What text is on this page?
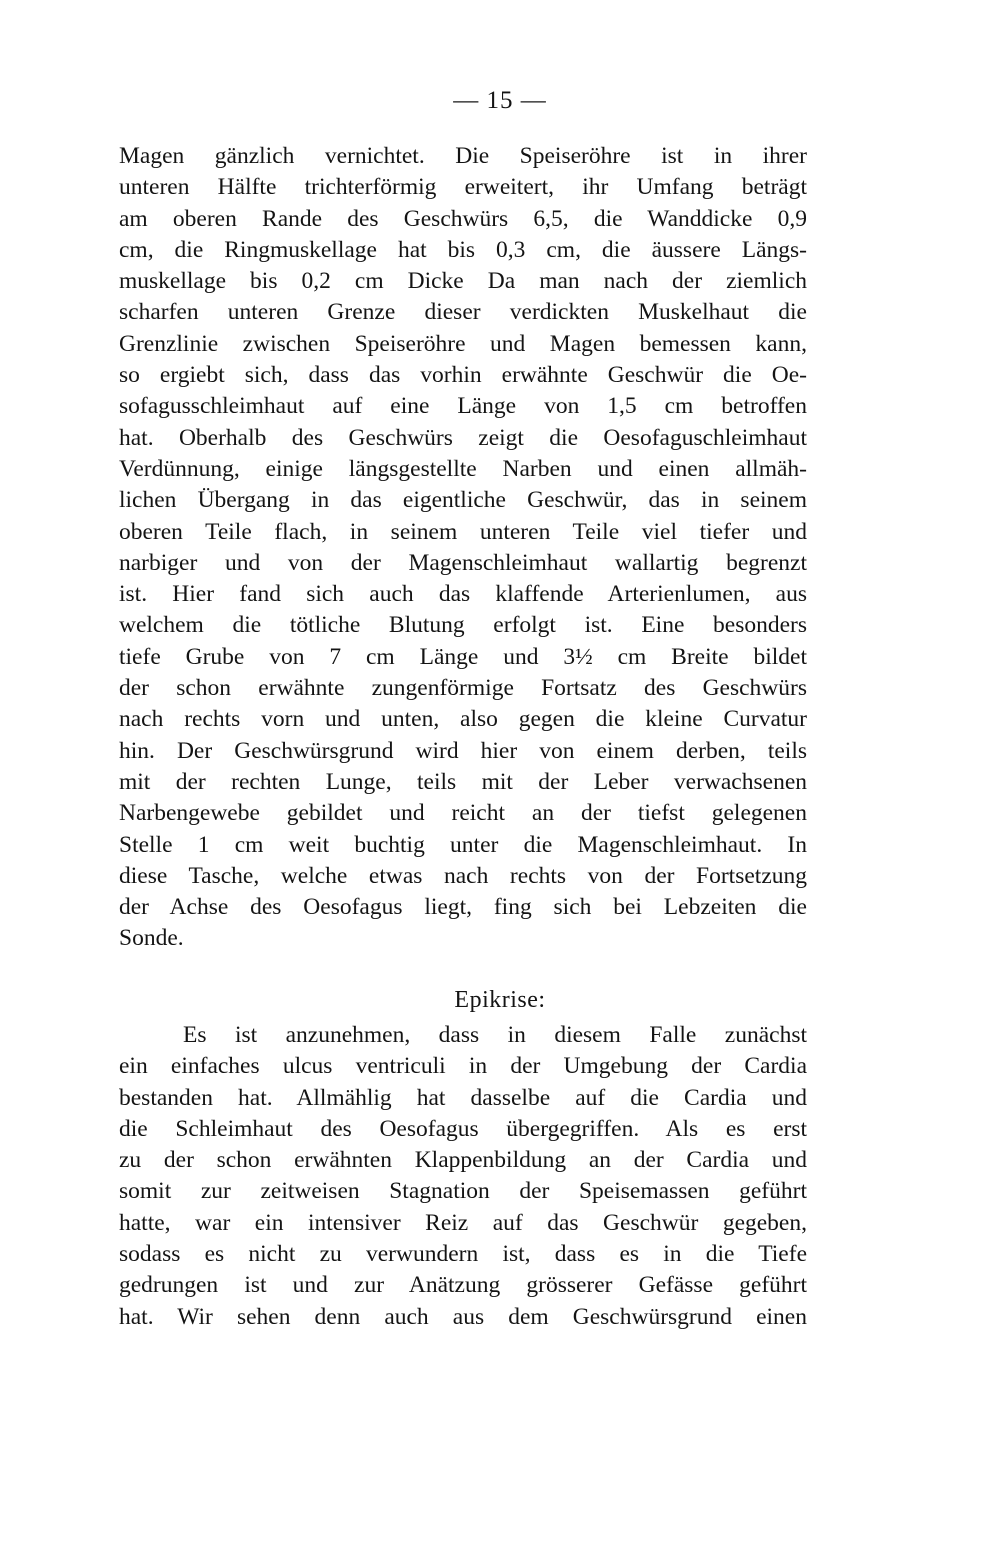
— 15 —
Magen gänzlich vernichtet. Die Speiseröhre ist in ihrer
unteren Hälfte trichterförmig erweitert, ihr Umfang beträgt
am oberen Rande des Geschwürs 6,5, die Wanddicke 0,9
cm, die Ringmuskellage hat bis 0,3 cm, die äussere Längs-
muskellage bis 0,2 cm Dicke Da man nach der ziemlich
scharfen unteren Grenze dieser verdickten Muskelhaut die
Grenzlinie zwischen Speiseröhre und Magen bemessen kann,
so ergiebt sich, dass das vorhin erwähnte Geschwür die Oe-
sofagusschleimhaut auf eine Länge von 1,5 cm betroffen
hat. Oberhalb des Geschwürs zeigt die Oesofaguschleimhaut
Verdünnung, einige längsgestellte Narben und einen allmäh-
lichen Übergang in das eigentliche Geschwür, das in seinem
oberen Teile flach, in seinem unteren Teile viel tiefer und
narbiger und von der Magenschleimhaut wallartig begrenzt
ist. Hier fand sich auch das klaffende Arterienlumen, aus
welchem die tötliche Blutung erfolgt ist. Eine besonders
tiefe Grube von 7 cm Länge und 3½ cm Breite bildet
der schon erwähnte zungenförmige Fortsatz des Geschwürs
nach rechts vorn und unten, also gegen die kleine Curvatur
hin. Der Geschwürsgrund wird hier von einem derben, teils
mit der rechten Lunge, teils mit der Leber verwachsenen
Narbengewebe gebildet und reicht an der tiefst gelegenen
Stelle 1 cm weit buchtig unter die Magenschleimhaut. In
diese Tasche, welche etwas nach rechts von der Fortsetzung
der Achse des Oesofagus liegt, fing sich bei Lebzeiten die
Sonde.
Epikrise:
Es ist anzunehmen, dass in diesem Falle zunächst
ein einfaches ulcus ventriculi in der Umgebung der Cardia
bestanden hat. Allmählig hat dasselbe auf die Cardia und
die Schleimhaut des Oesofagus übergegriffen. Als es erst
zu der schon erwähnten Klappenbildung an der Cardia und
somit zur zeitweisen Stagnation der Speisemassen geführt
hatte, war ein intensiver Reiz auf das Geschwür gegeben,
sodass es nicht zu verwundern ist, dass es in die Tiefe
gedrungen ist und zur Anätzung grösserer Gefässe geführt
hat. Wir sehen denn auch aus dem Geschwürsgrund einen
